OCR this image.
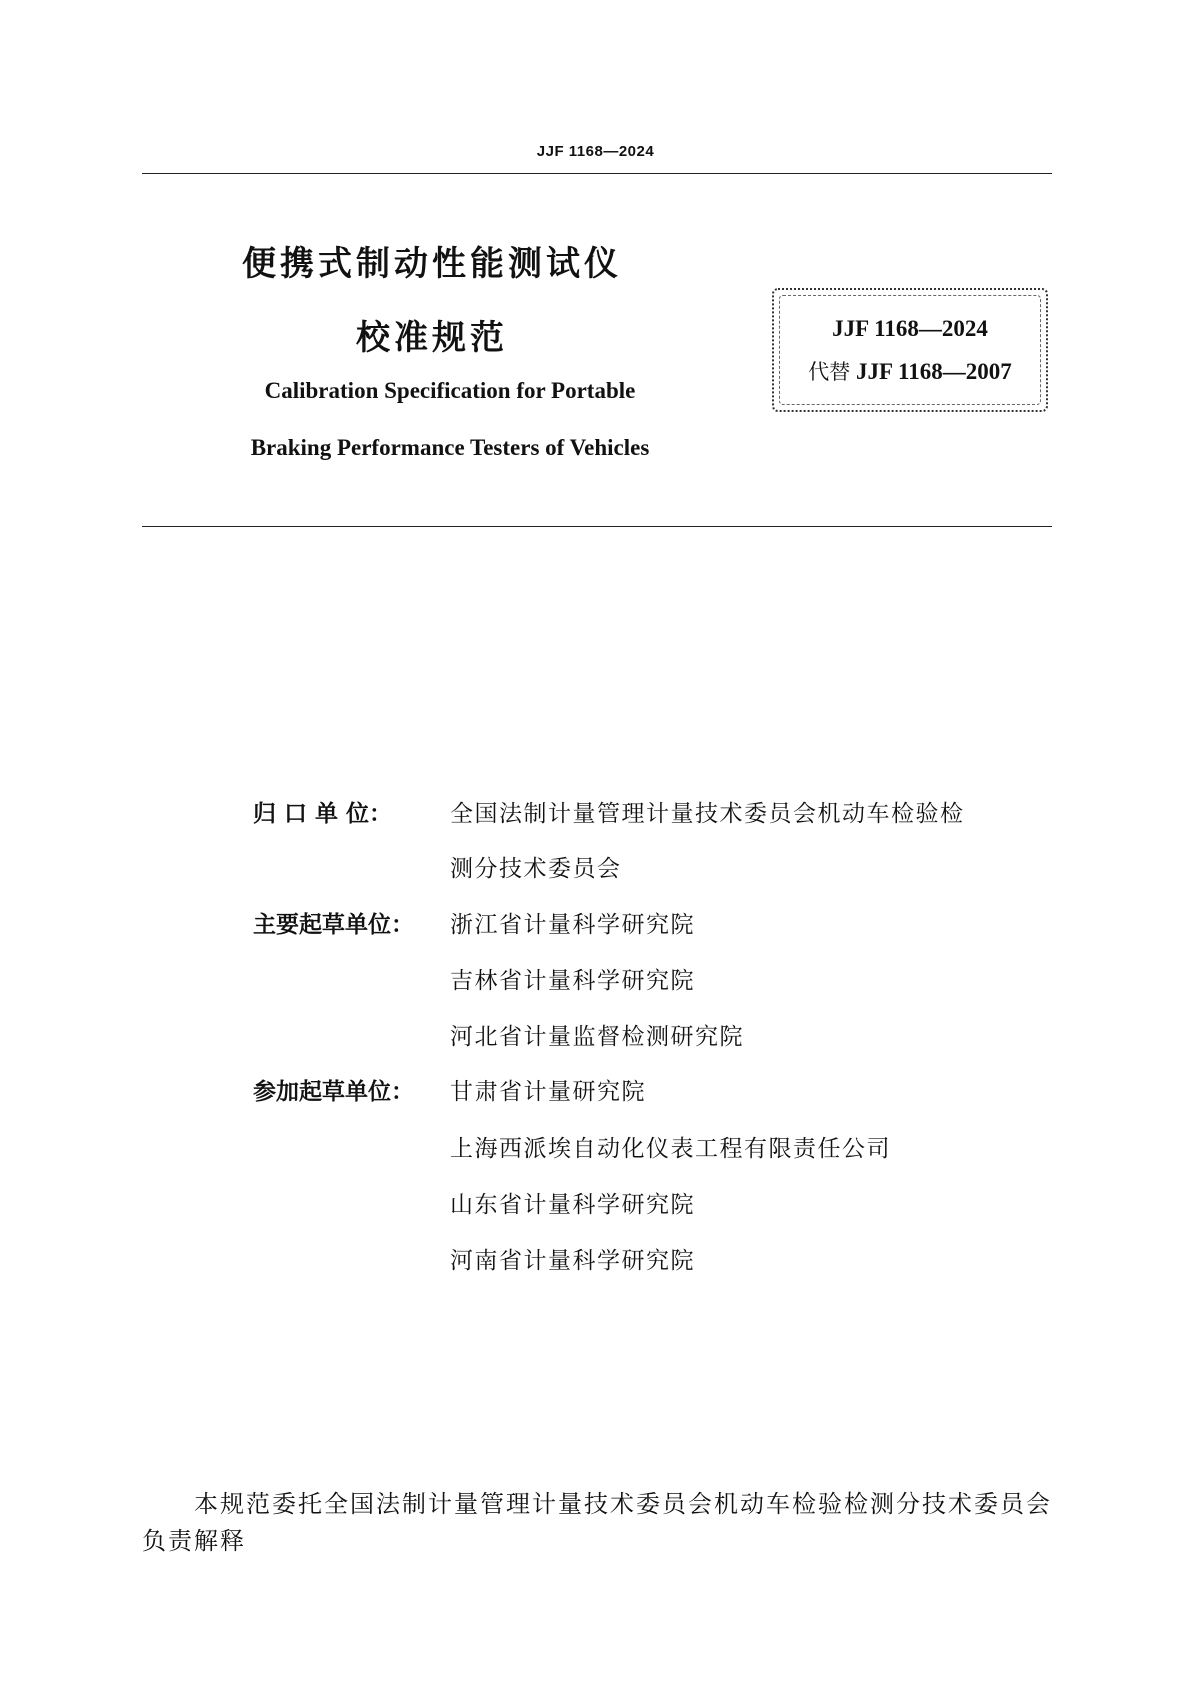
JJF 1168—2024
便携式制动性能测试仪
校准规范
Calibration Specification for Portable
Braking Performance Testers of Vehicles
JJF 1168—2024
代替 JJF 1168—2007
归 口 单 位：	全国法制计量管理计量技术委员会机动车检验检
测分技术委员会
主要起草单位：	浙江省计量科学研究院
吉林省计量科学研究院
河北省计量监督检测研究院
参加起草单位：	甘肃省计量研究院
上海西派埃自动化仪表工程有限责任公司
山东省计量科学研究院
河南省计量科学研究院
本规范委托全国法制计量管理计量技术委员会机动车检验检测分技术委员会负责解释
